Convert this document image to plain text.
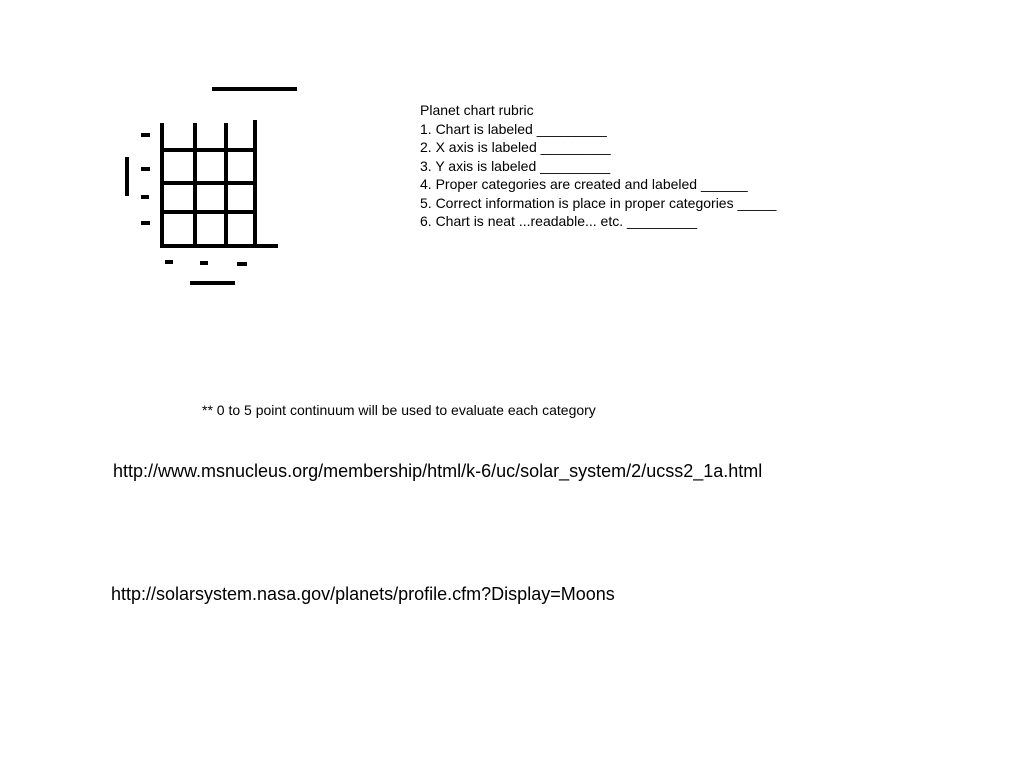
Planet chart rubric
1. Chart is labeled _________
2. X axis is labeled _________
3. Y axis is labeled _________
4. Proper categories are created and labeled ______
5. Correct information is place in proper categories _____
6. Chart is neat ...readable... etc. _________
** 0 to 5 point continuum will be used to evaluate each category
http://www.msnucleus.org/membership/html/k-6/uc/solar_system/2/ucss2_1a.html
http://solarsystem.nasa.gov/planets/profile.cfm?Display=Moons
